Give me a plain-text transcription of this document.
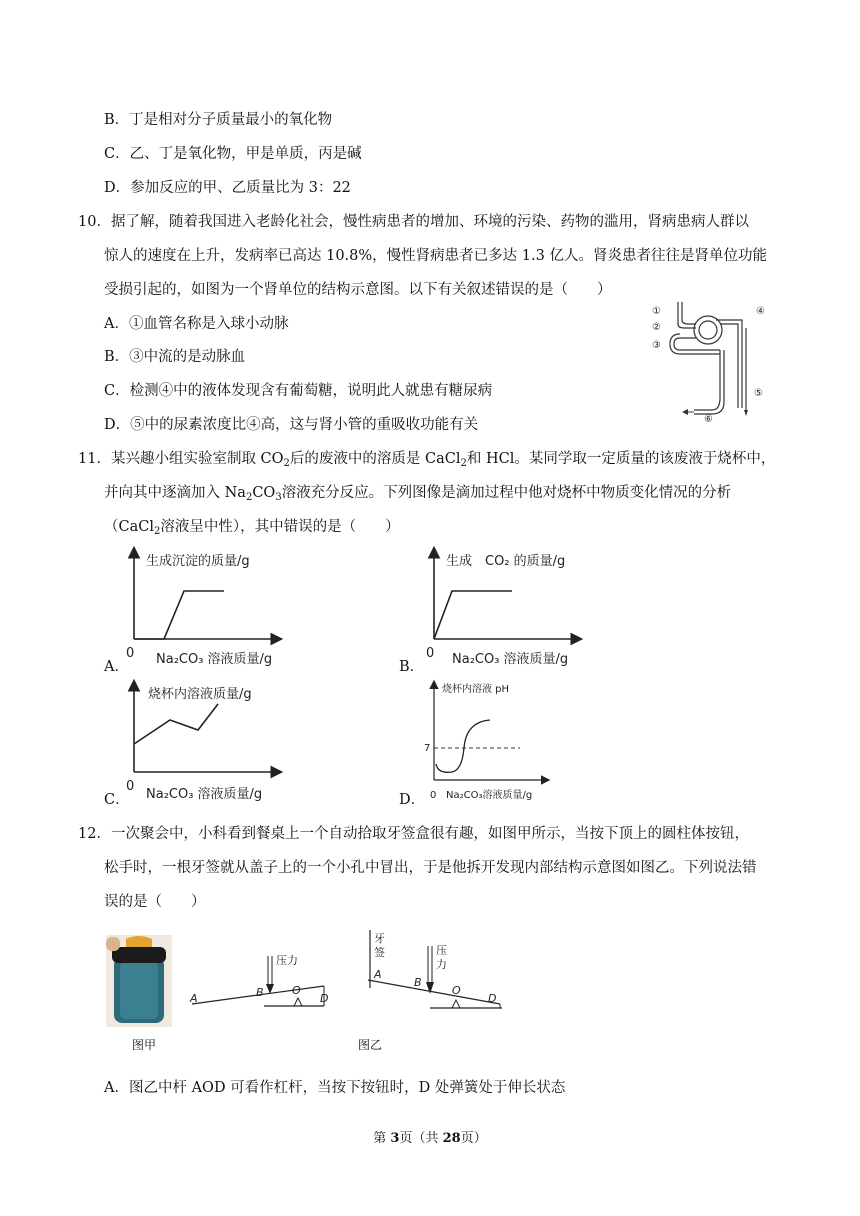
B．丁是相对分子质量最小的氧化物
C．乙、丁是氧化物，甲是单质，丙是碱
D．参加反应的甲、乙质量比为 3：22
10．据了解，随着我国进入老龄化社会，慢性病患者的增加、环境的污染、药物的滥用，肾病患病人群以
惊人的速度在上升，发病率已高达 10.8%，慢性肾病患者已多达 1.3 亿人。肾炎患者往往是肾单位功能
受损引起的，如图为一个肾单位的结构示意图。以下有关叙述错误的是（　　）
A．①血管名称是入球小动脉
B．③中流的是动脉血
C．检测④中的液体发现含有葡萄糖，说明此人就患有糖尿病
D．⑤中的尿素浓度比④高，这与肾小管的重吸收功能有关
①
②
③
④
⑤
⑥
11．某兴趣小组实验室制取 $CO_2$后的废液中的溶质是 CaCl$_2$和 HCl。某同学取一定质量的该废液于烧杯中，
并向其中逐滴加入 $Na_2CO_3$溶液充分反应。下列图像是滴加过程中他对烧杯中物质变化情况的分析
（CaCl$_2$溶液呈中性），其中错误的是（　　）
A．
生成沉淀的质量/g
0 Na₂CO₃ 溶液质量/g	B．
生成　CO₂ 的质量/g
0 Na₂CO₃ 溶液质量/g
C．
烧杯内溶液质量/g
0
Na₂CO₃ 溶液质量/g	D．
烧杯内溶液 pH
7
0 Na₂CO₃溶液质量/g
12．一次聚会中，小科看到餐桌上一个自动拾取牙签盒很有趣，如图甲所示，当按下顶上的圆柱体按钮，
松手时，一根牙签就从盖子上的一个小孔中冒出，于是他拆开发现内部结构示意图如图乙。下列说法错
误的是（　　）
图甲
压力
A	B	O
D
牙
签	压
力
A
B
O
D
图乙
A．图乙中杆 AOD 可看作杠杆，当按下按钮时，D 处弹簧处于伸长状态
第 3页（共 28页）
